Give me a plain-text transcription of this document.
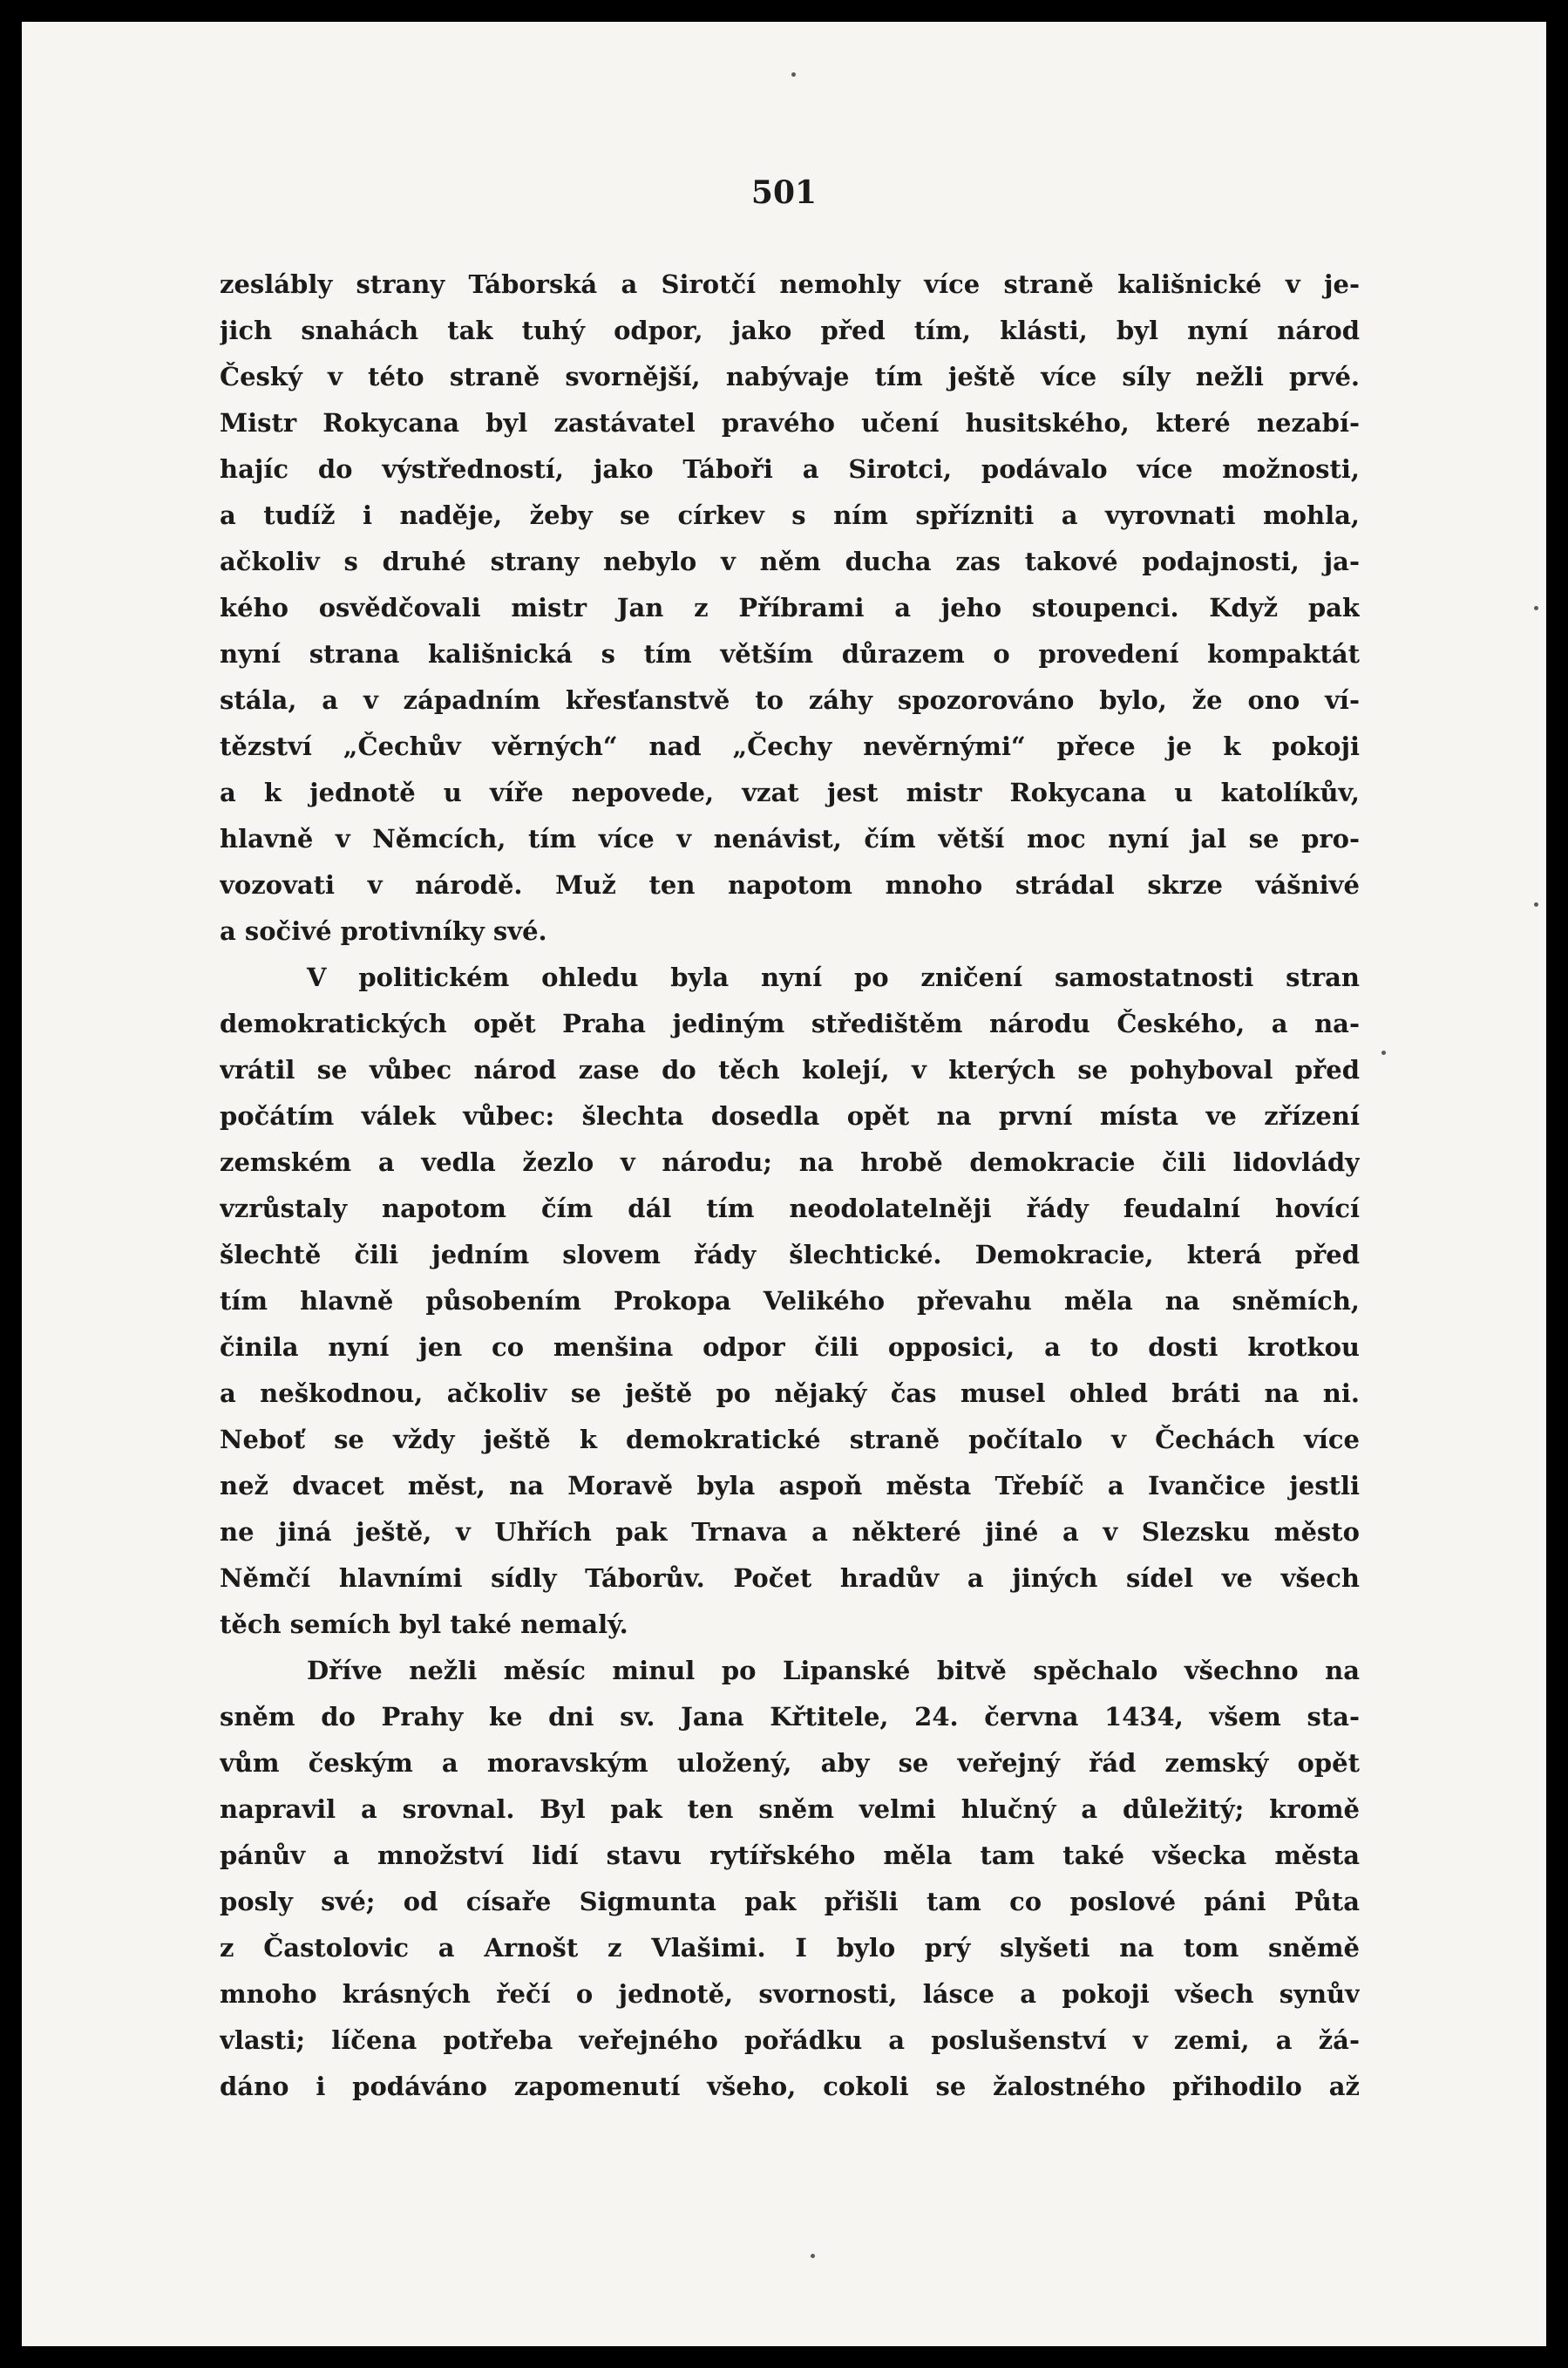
501
zeslábly strany Táborská a Sirotčí nemohly více straně kališnické v je-
jich snahách tak tuhý odpor, jako před tím, klásti, byl nyní národ
Český v této straně svornější, nabývaje tím ještě více síly nežli prvé.
Mistr Rokycana byl zastávatel pravého učení husitského, které nezabí-
hajíc do výstředností, jako Táboři a Sirotci, podávalo více možnosti,
a tudíž i naděje, žeby se církev s ním spřízniti a vyrovnati mohla,
ačkoliv s druhé strany nebylo v něm ducha zas takové podajnosti, ja-
kého osvědčovali mistr Jan z Příbrami a jeho stoupenci. Když pak
nyní strana kališnická s tím větším důrazem o provedení kompaktát
stála, a v západním křesťanstvě to záhy spozorováno bylo, že ono ví-
tězství „Čechův věrných“ nad „Čechy nevěrnými“ přece je k pokoji
a k jednotě u víře nepovede, vzat jest mistr Rokycana u katolíkův,
hlavně v Němcích, tím více v nenávist, čím větší moc nyní jal se pro-
vozovati v národě. Muž ten napotom mnoho strádal skrze vášnivé
a sočivé protivníky své.
V politickém ohledu byla nyní po zničení samostatnosti stran
demokratických opět Praha jediným středištěm národu Českého, a na-
vrátil se vůbec národ zase do těch kolejí, v kterých se pohyboval před
počátím válek vůbec: šlechta dosedla opět na první místa ve zřízení
zemském a vedla žezlo v národu; na hrobě demokracie čili lidovlády
vzrůstaly napotom čím dál tím neodolatelněji řády feudalní hovící
šlechtě čili jedním slovem řády šlechtické. Demokracie, která před
tím hlavně působením Prokopa Velikého převahu měla na sněmích,
činila nyní jen co menšina odpor čili opposici, a to dosti krotkou
a neškodnou, ačkoliv se ještě po nějaký čas musel ohled bráti na ni.
Neboť se vždy ještě k demokratické straně počítalo v Čechách více
než dvacet měst, na Moravě byla aspoň města Třebíč a Ivančice jestli
ne jiná ještě, v Uhřích pak Trnava a některé jiné a v Slezsku město
Němčí hlavními sídly Táborův. Počet hradův a jiných sídel ve všech
těch semích byl také nemalý.
Dříve nežli měsíc minul po Lipanské bitvě spěchalo všechno na
sněm do Prahy ke dni sv. Jana Křtitele, 24. června 1434, všem sta-
vům českým a moravským uložený, aby se veřejný řád zemský opět
napravil a srovnal. Byl pak ten sněm velmi hlučný a důležitý; kromě
pánův a množství lidí stavu rytířského měla tam také všecka města
posly své; od císaře Sigmunta pak přišli tam co poslové páni Půta
z Častolovic a Arnošt z Vlašimi. I bylo prý slyšeti na tom sněmě
mnoho krásných řečí o jednotě, svornosti, lásce a pokoji všech synův
vlasti; líčena potřeba veřejného pořádku a poslušenství v zemi, a žá-
dáno i podáváno zapomenutí všeho, cokoli se žalostného přihodilo až
